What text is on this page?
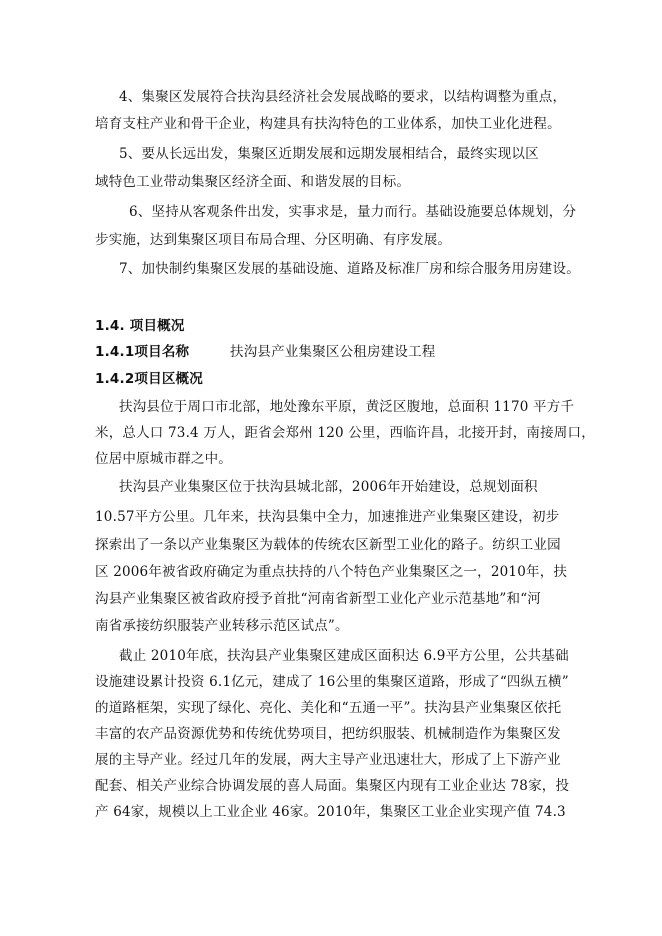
4、集聚区发展符合扶沟县经济社会发展战略的要求，以结构调整为重点，
培育支柱产业和骨干企业，构建具有扶沟特色的工业体系，加快工业化进程。
5、要从长远出发，集聚区近期发展和远期发展相结合，最终实现以区
域特色工业带动集聚区经济全面、和谐发展的目标。
6、坚持从客观条件出发，实事求是，量力而行。基础设施要总体规划，分
步实施，达到集聚区项目布局合理、分区明确、有序发展。
7、加快制约集聚区发展的基础设施、道路及标准厂房和综合服务用房建设。
1.4. 项目概况
1.4.1项目名称	扶沟县产业集聚区公租房建设工程
1.4.2项目区概况
扶沟县位于周口市北部，地处豫东平原，黄泛区腹地，总面积 1170 平方千
米，总人口 73.4 万人，距省会郑州 120 公里，西临许昌，北接开封，南接周口，
位居中原城市群之中。
扶沟县产业集聚区位于扶沟县城北部，2006年开始建设，总规划面积
10.57平方公里。几年来，扶沟县集中全力，加速推进产业集聚区建设，初步
探索出了一条以产业集聚区为载体的传统农区新型工业化的路子。纺织工业园
区 2006年被省政府确定为重点扶持的八个特色产业集聚区之一，2010年，扶
沟县产业集聚区被省政府授予首批“河南省新型工业化产业示范基地”和“河
南省承接纺织服装产业转移示范区试点”。
截止 2010年底，扶沟县产业集聚区建成区面积达 6.9平方公里，公共基础
设施建设累计投资 6.1亿元，建成了 16公里的集聚区道路，形成了“四纵五横”
的道路框架，实现了绿化、亮化、美化和“五通一平”。扶沟县产业集聚区依托
丰富的农产品资源优势和传统优势项目，把纺织服装、机械制造作为集聚区发
展的主导产业。经过几年的发展，两大主导产业迅速壮大，形成了上下游产业
配套、相关产业综合协调发展的喜人局面。集聚区内现有工业企业达 78家，投
产 64家，规模以上工业企业 46家。2010年，集聚区工业企业实现产值 74.3
